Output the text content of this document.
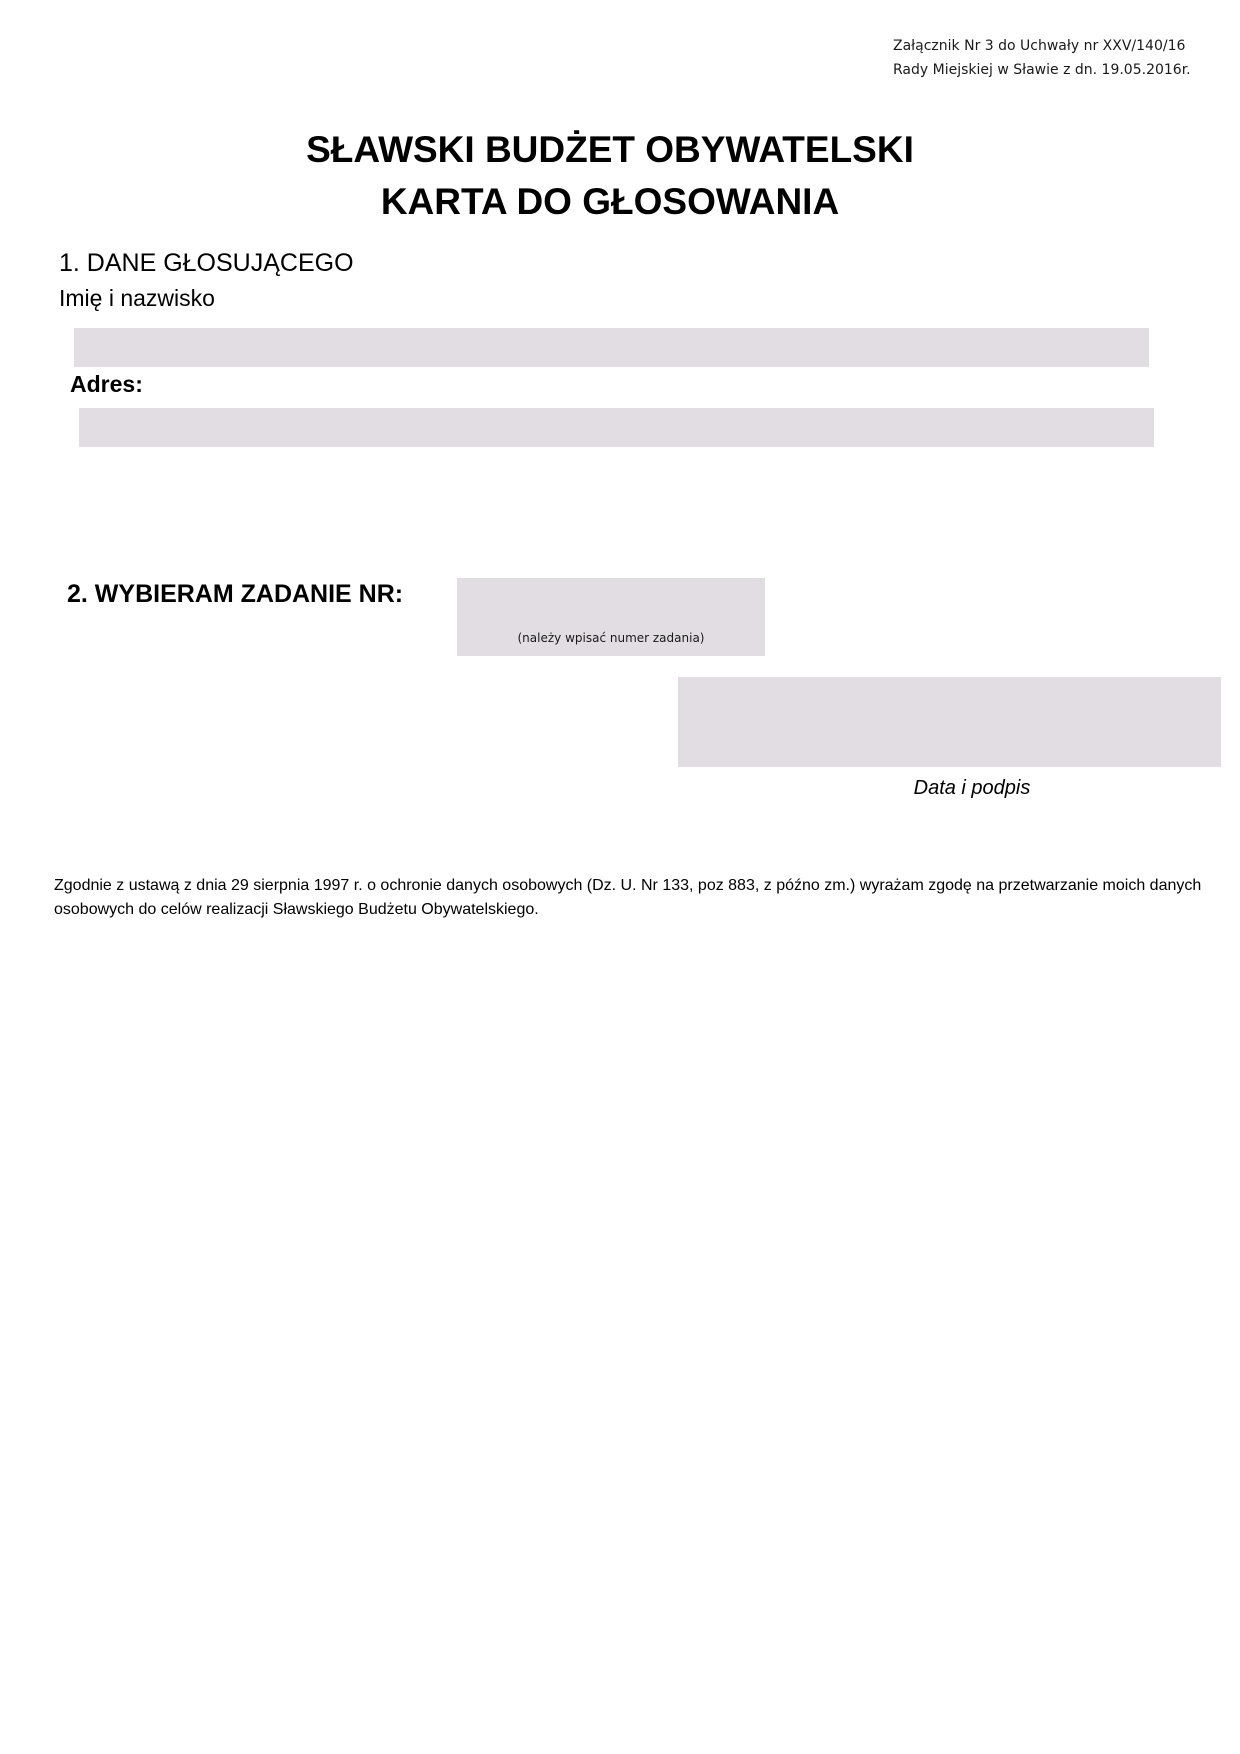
Załącznik Nr 3 do Uchwały nr XXV/140/16
Rady Miejskiej w Sławie z dn. 19.05.2016r.
SŁAWSKI BUDŻET OBYWATELSKI
KARTA DO GŁOSOWANIA
1. DANE GŁOSUJĄCEGO
Imię i nazwisko
Adres:
2. WYBIERAM ZADANIE NR:
(należy wpisać numer zadania)
Data i podpis
Zgodnie z ustawą z dnia 29 sierpnia 1997 r. o ochronie danych osobowych (Dz. U. Nr 133, poz 883, z późno zm.) wyrażam zgodę na przetwarzanie moich danych osobowych do celów realizacji Sławskiego Budżetu Obywatelskiego.
